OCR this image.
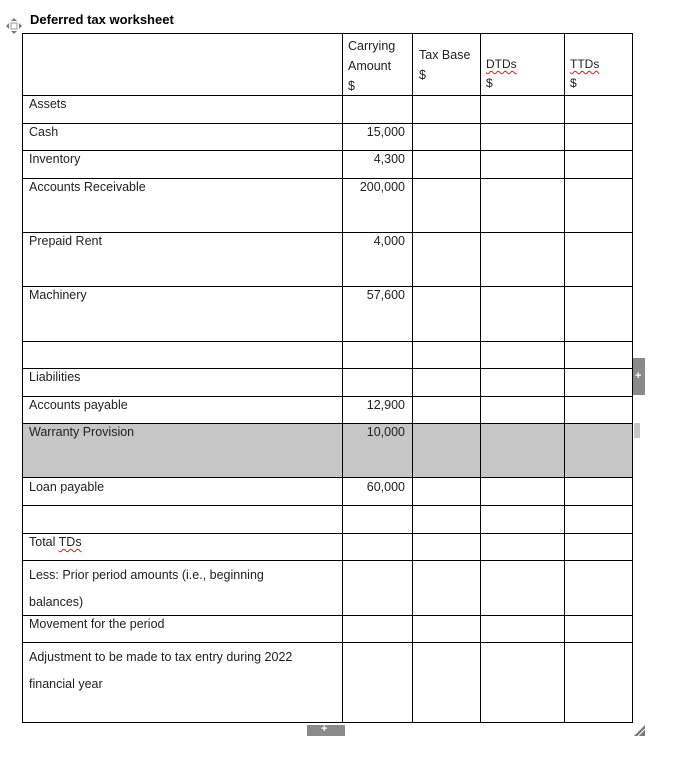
Deferred tax worksheet
Carrying
Amount
$
Tax Base
$
DTDs
$
TTDs
$
Assets
Cash
Inventory
Accounts Receivable
Prepaid Rent
Machinery
Liabilities
Accounts payable
Warranty Provision
Loan payable
Total TDs
Less: Prior period amounts (i.e., beginning
balances)
Movement for the period
Adjustment to be made to tax entry during 2022
financial year
15,000
4,300
200,000
4,000
57,600
12,900
10,000
60,000
+
+
